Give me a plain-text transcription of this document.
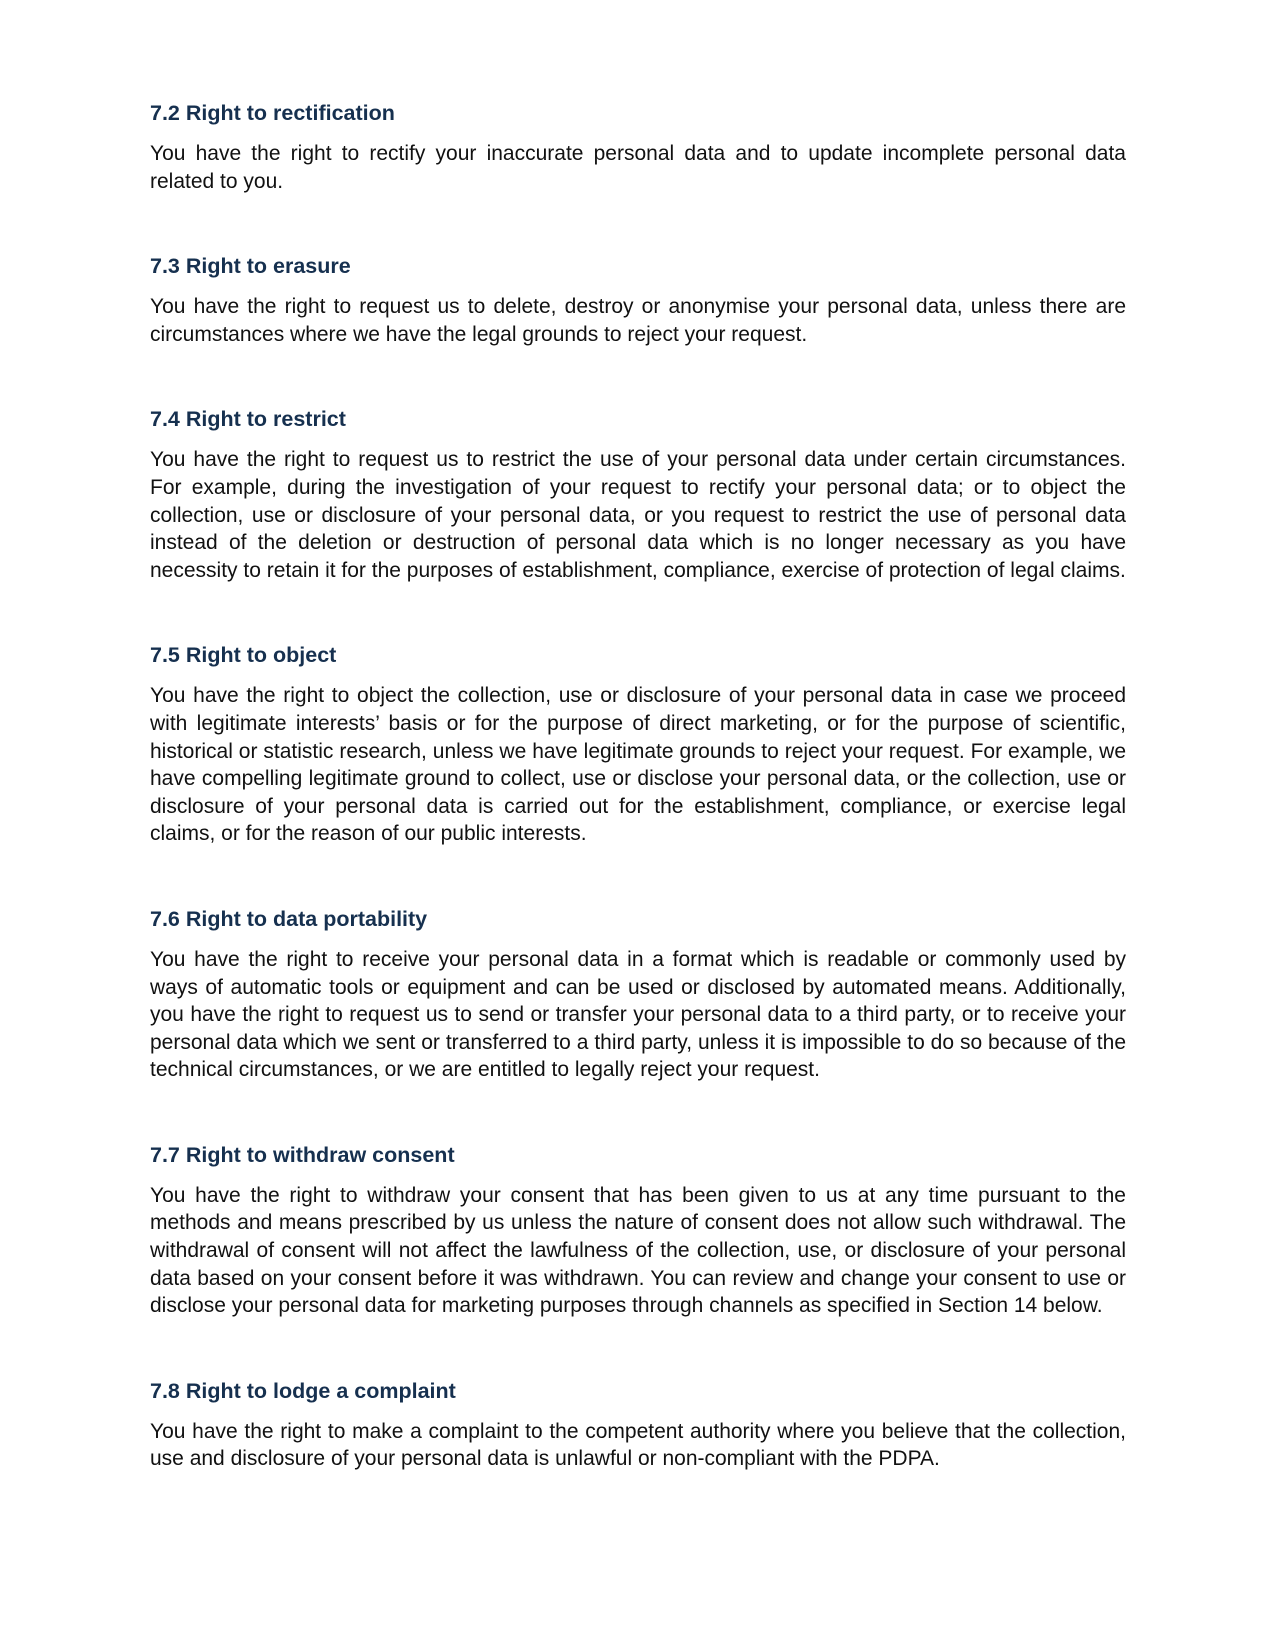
7.2 Right to rectification

You have the right to rectify your inaccurate personal data and to update incomplete personal data related to you.

7.3 Right to erasure

You have the right to request us to delete, destroy or anonymise your personal data, unless there are circumstances where we have the legal grounds to reject your request.

7.4 Right to restrict

You have the right to request us to restrict the use of your personal data under certain circumstances. For example, during the investigation of your request to rectify your personal data; or to object the collection, use or disclosure of your personal data, or you request to restrict the use of personal data instead of the deletion or destruction of personal data which is no longer necessary as you have necessity to retain it for the purposes of establishment, compliance, exercise of protection of legal claims.

7.5 Right to object

You have the right to object the collection, use or disclosure of your personal data in case we proceed with legitimate interests’ basis or for the purpose of direct marketing, or for the purpose of scientific, historical or statistic research, unless we have legitimate grounds to reject your request. For example, we have compelling legitimate ground to collect, use or disclose your personal data, or the collection, use or disclosure of your personal data is carried out for the establishment, compliance, or exercise legal claims, or for the reason of our public interests.

7.6 Right to data portability

You have the right to receive your personal data in a format which is readable or commonly used by ways of automatic tools or equipment and can be used or disclosed by automated means. Additionally, you have the right to request us to send or transfer your personal data to a third party, or to receive your personal data which we sent or transferred to a third party, unless it is impossible to do so because of the technical circumstances, or we are entitled to legally reject your request.

7.7 Right to withdraw consent

You have the right to withdraw your consent that has been given to us at any time pursuant to the methods and means prescribed by us unless the nature of consent does not allow such withdrawal. The withdrawal of consent will not affect the lawfulness of the collection, use, or disclosure of your personal data based on your consent before it was withdrawn. You can review and change your consent to use or disclose your personal data for marketing purposes through channels as specified in Section 14 below.

7.8 Right to lodge a complaint

You have the right to make a complaint to the competent authority where you believe that the collection, use and disclosure of your personal data is unlawful or non-compliant with the PDPA.
